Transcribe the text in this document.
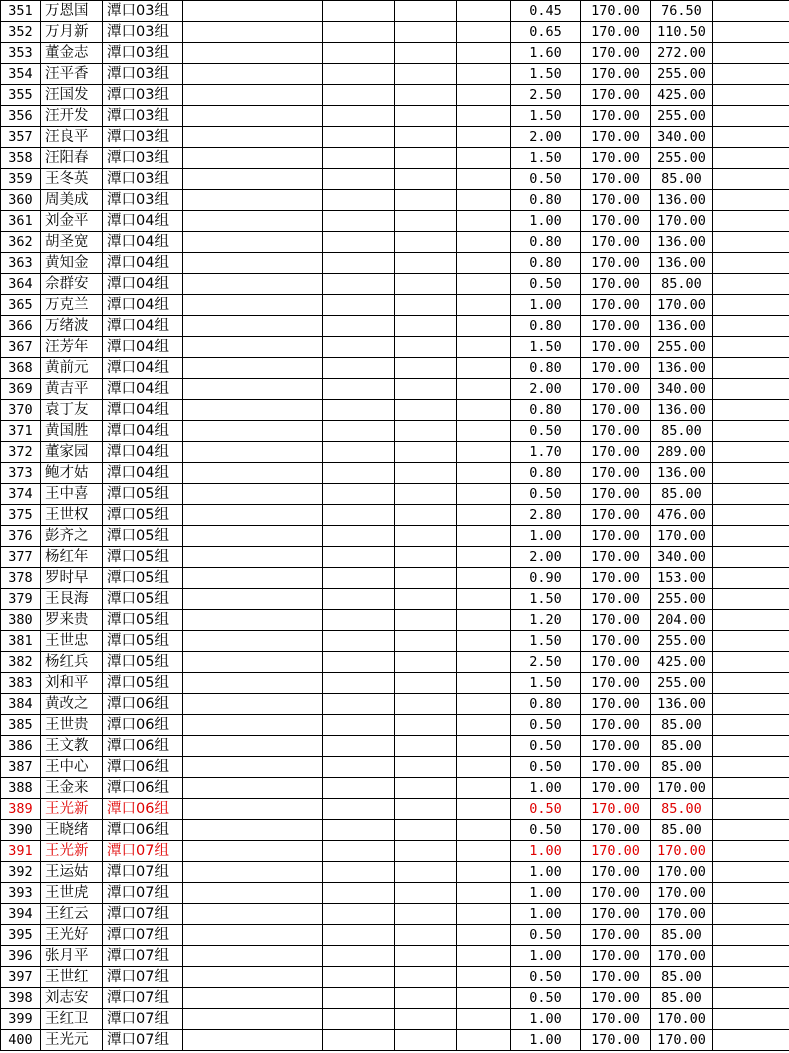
351	万恩国	潭口03组					0.45	170.00	76.50	
352	万月新	潭口03组					0.65	170.00	110.50	
353	董金志	潭口03组					1.60	170.00	272.00	
354	汪平香	潭口03组					1.50	170.00	255.00	
355	汪国发	潭口03组					2.50	170.00	425.00	
356	汪开发	潭口03组					1.50	170.00	255.00	
357	汪良平	潭口03组					2.00	170.00	340.00	
358	汪阳春	潭口03组					1.50	170.00	255.00	
359	王冬英	潭口03组					0.50	170.00	85.00	
360	周美成	潭口03组					0.80	170.00	136.00	
361	刘金平	潭口04组					1.00	170.00	170.00	
362	胡圣宽	潭口04组					0.80	170.00	136.00	
363	黄知金	潭口04组					0.80	170.00	136.00	
364	佘群安	潭口04组					0.50	170.00	85.00	
365	万克兰	潭口04组					1.00	170.00	170.00	
366	万绪波	潭口04组					0.80	170.00	136.00	
367	汪芳年	潭口04组					1.50	170.00	255.00	
368	黄前元	潭口04组					0.80	170.00	136.00	
369	黄吉平	潭口04组					2.00	170.00	340.00	
370	袁丁友	潭口04组					0.80	170.00	136.00	
371	黄国胜	潭口04组					0.50	170.00	85.00	
372	董家园	潭口04组					1.70	170.00	289.00	
373	鲍才姑	潭口04组					0.80	170.00	136.00	
374	王中喜	潭口05组					0.50	170.00	85.00	
375	王世权	潭口05组					2.80	170.00	476.00	
376	彭齐之	潭口05组					1.00	170.00	170.00	
377	杨红年	潭口05组					2.00	170.00	340.00	
378	罗时早	潭口05组					0.90	170.00	153.00	
379	王艮海	潭口05组					1.50	170.00	255.00	
380	罗来贵	潭口05组					1.20	170.00	204.00	
381	王世忠	潭口05组					1.50	170.00	255.00	
382	杨红兵	潭口05组					2.50	170.00	425.00	
383	刘和平	潭口05组					1.50	170.00	255.00	
384	黄改之	潭口06组					0.80	170.00	136.00	
385	王世贵	潭口06组					0.50	170.00	85.00	
386	王文教	潭口06组					0.50	170.00	85.00	
387	王中心	潭口06组					0.50	170.00	85.00	
388	王金来	潭口06组					1.00	170.00	170.00	
389	王光新	潭口06组					0.50	170.00	85.00	
390	王晓绪	潭口06组					0.50	170.00	85.00	
391	王光新	潭口07组					1.00	170.00	170.00	
392	王运姑	潭口07组					1.00	170.00	170.00	
393	王世虎	潭口07组					1.00	170.00	170.00	
394	王红云	潭口07组					1.00	170.00	170.00	
395	王光好	潭口07组					0.50	170.00	85.00	
396	张月平	潭口07组					1.00	170.00	170.00	
397	王世红	潭口07组					0.50	170.00	85.00	
398	刘志安	潭口07组					0.50	170.00	85.00	
399	王红卫	潭口07组					1.00	170.00	170.00	
400	王光元	潭口07组					1.00	170.00	170.00	
